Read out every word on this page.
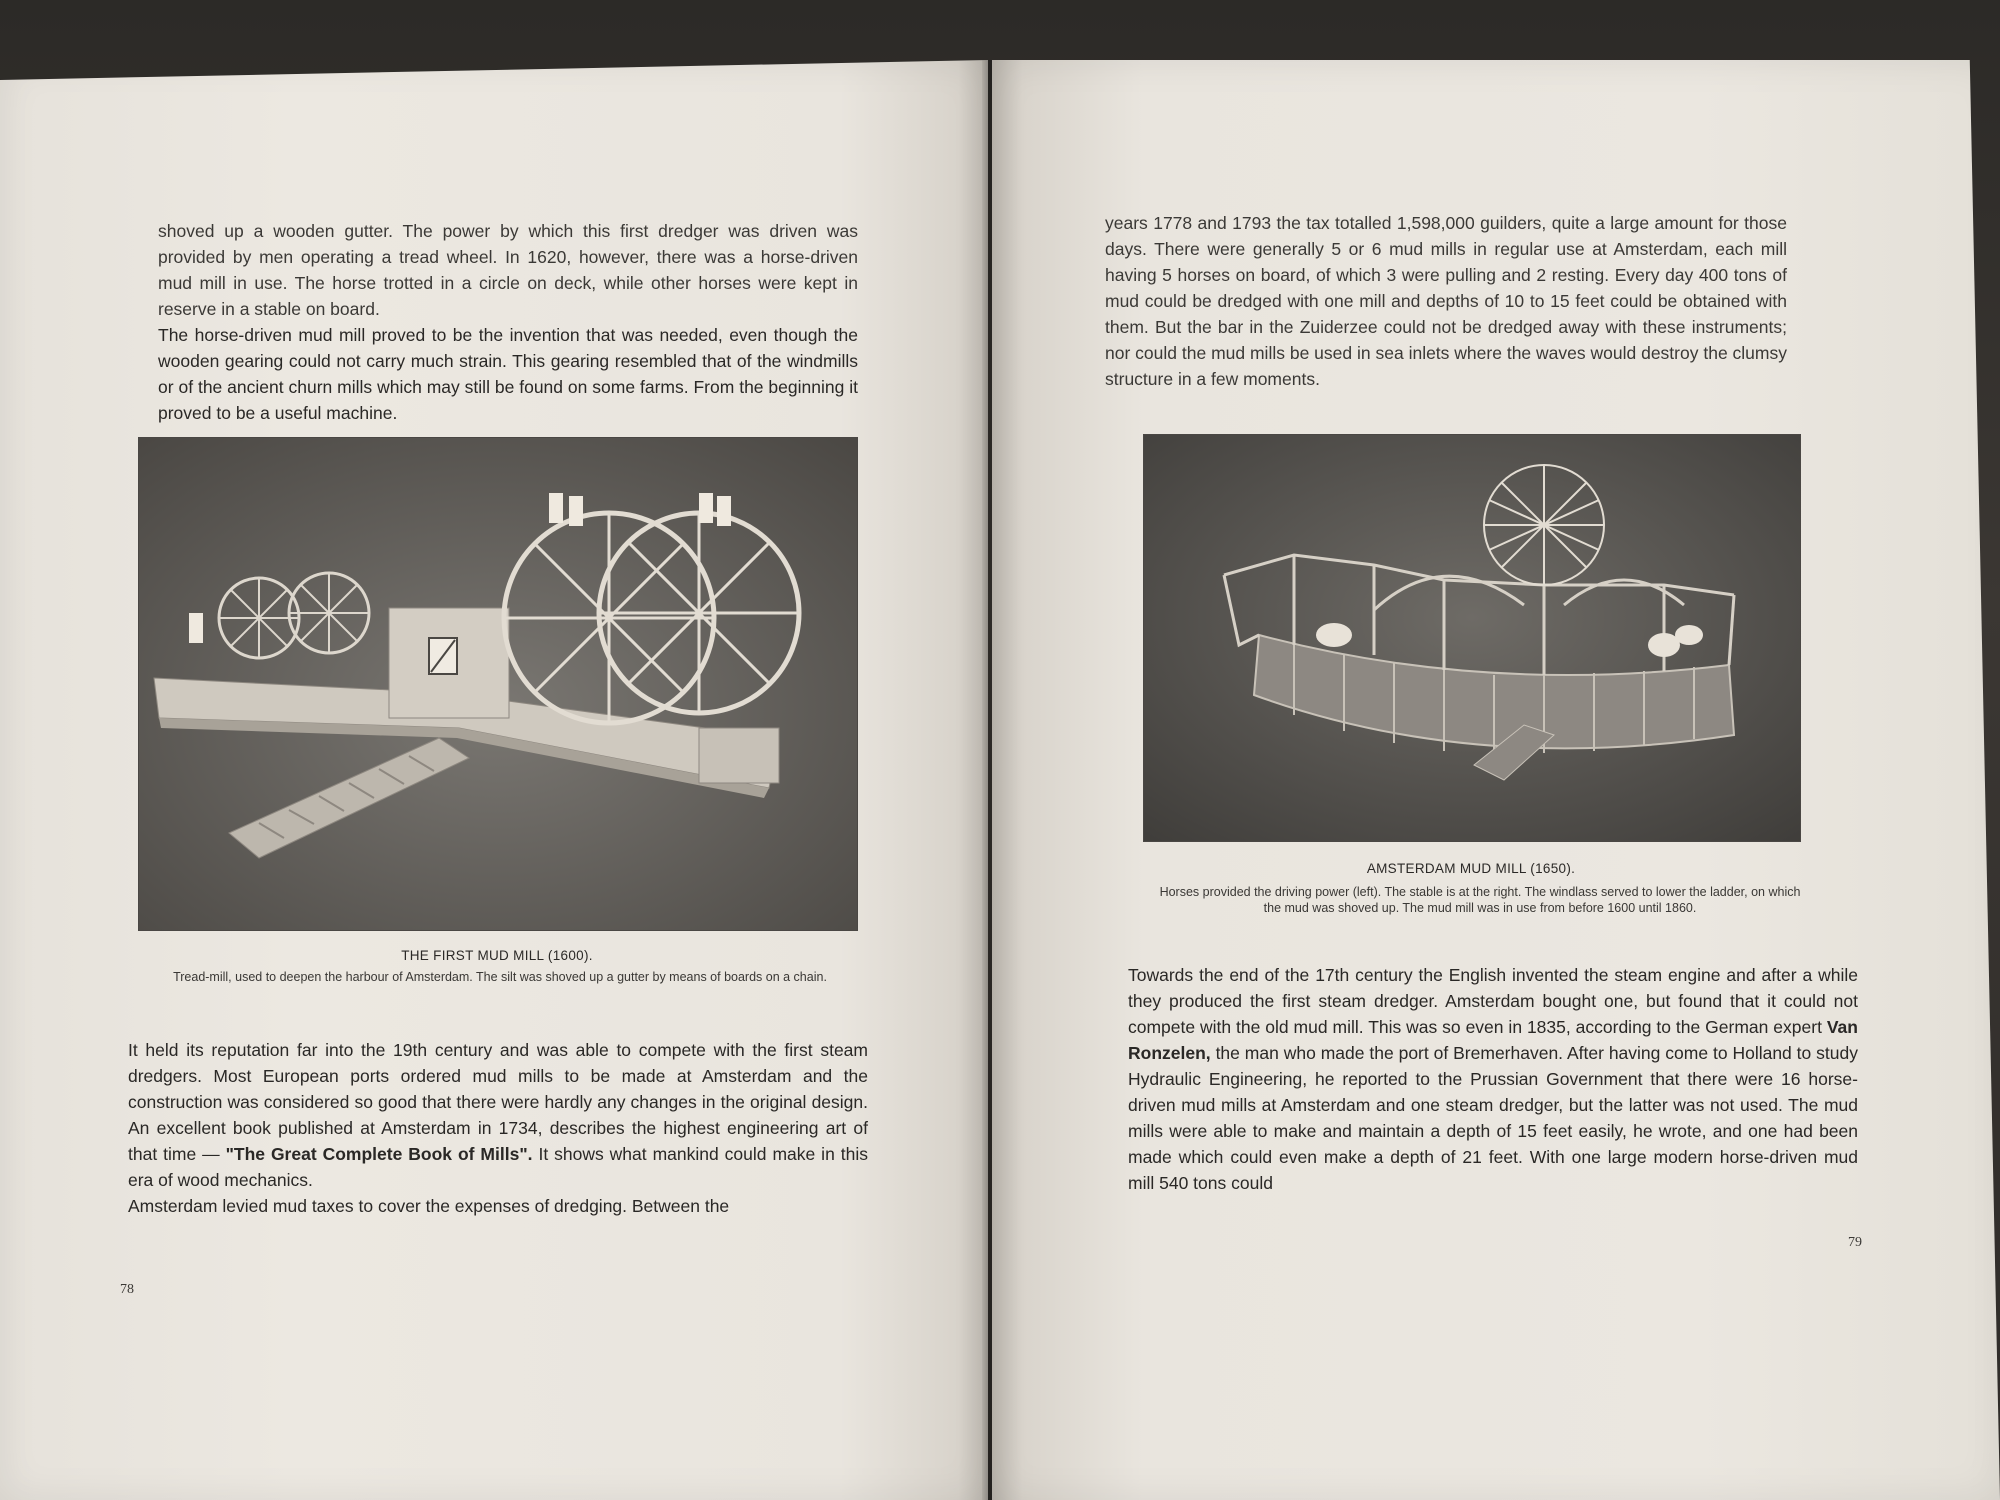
shoved up a wooden gutter. The power by which this first dredger was driven was provided by men operating a tread wheel. In 1620, however, there was a horse-driven mud mill in use. The horse trotted in a circle on deck, while other horses were kept in reserve in a stable on board.

The horse-driven mud mill proved to be the invention that was needed, even though the wooden gearing could not carry much strain. This gearing resembled that of the windmills or of the ancient churn mills which may still be found on some farms. From the beginning it proved to be a useful machine.

THE FIRST MUD MILL (1600).
Tread-mill, used to deepen the harbour of Amsterdam. The silt was shoved up a gutter by means of boards on a chain.

It held its reputation far into the 19th century and was able to compete with the first steam dredgers. Most European ports ordered mud mills to be made at Amsterdam and the construction was considered so good that there were hardly any changes in the original design. An excellent book published at Amsterdam in 1734, describes the highest engineering art of that time — "The Great Complete Book of Mills". It shows what mankind could make in this era of wood mechanics.

Amsterdam levied mud taxes to cover the expenses of dredging. Between the

78

years 1778 and 1793 the tax totalled 1,598,000 guilders, quite a large amount for those days. There were generally 5 or 6 mud mills in regular use at Amsterdam, each mill having 5 horses on board, of which 3 were pulling and 2 resting. Every day 400 tons of mud could be dredged with one mill and depths of 10 to 15 feet could be obtained with them. But the bar in the Zuiderzee could not be dredged away with these instruments; nor could the mud mills be used in sea inlets where the waves would destroy the clumsy structure in a few moments.

AMSTERDAM MUD MILL (1650).
Horses provided the driving power (left). The stable is at the right. The windlass served to lower the ladder, on which the mud was shoved up. The mud mill was in use from before 1600 until 1860.

Towards the end of the 17th century the English invented the steam engine and after a while they produced the first steam dredger. Amsterdam bought one, but found that it could not compete with the old mud mill. This was so even in 1835, according to the German expert Van Ronzelen, the man who made the port of Bremerhaven. After having come to Holland to study Hydraulic Engineering, he reported to the Prussian Government that there were 16 horse-driven mud mills at Amsterdam and one steam dredger, but the latter was not used. The mud mills were able to make and maintain a depth of 15 feet easily, he wrote, and one had been made which could even make a depth of 21 feet. With one large modern horse-driven mud mill 540 tons could

79
